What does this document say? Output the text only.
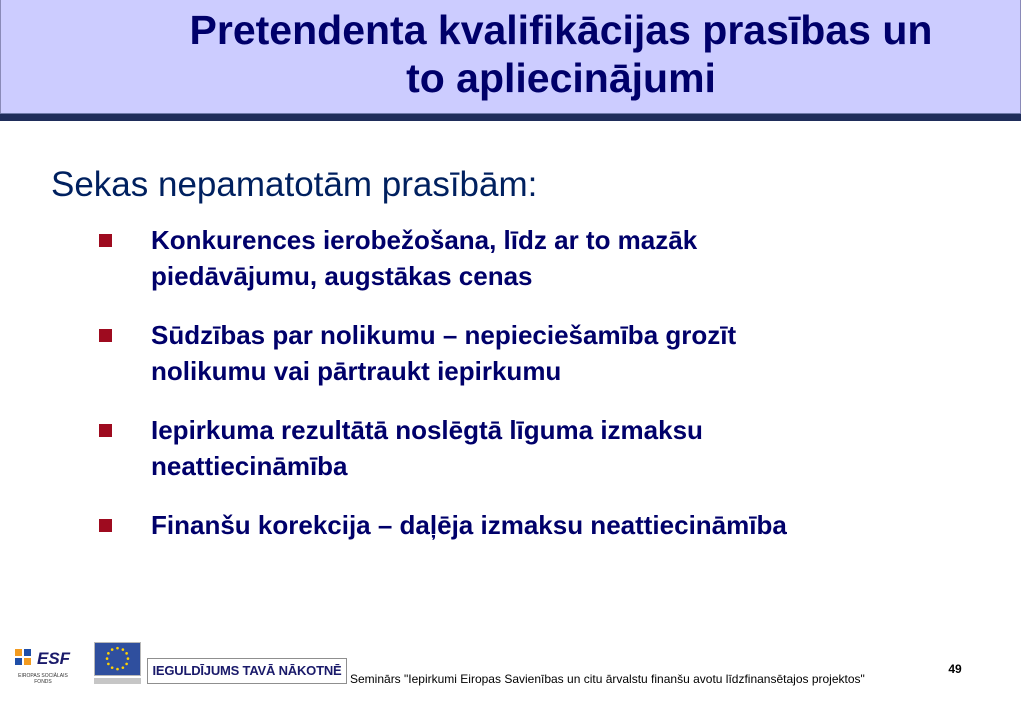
Pretendenta kvalifikācijas prasības un
to apliecinājumi
Sekas nepamatotām prasībām:
Konkurences ierobežošana, līdz ar to mazāk
piedāvājumu, augstākas cenas
Sūdzības par nolikumu – nepieciešamība grozīt
nolikumu vai pārtraukt iepirkumu
Iepirkuma rezultātā noslēgtā līguma izmaksu
neattiecināmība
Finanšu korekcija – daļēja izmaksu neattiecināmība
ESF
EIROPAS SOCIĀLAIS
FONDS
IEGULDĪJUMS TAVĀ NĀKOTNĒ
Seminārs "Iepirkumi Eiropas Savienības un citu ārvalstu finanšu avotu līdzfinansētajos projektos"
49
